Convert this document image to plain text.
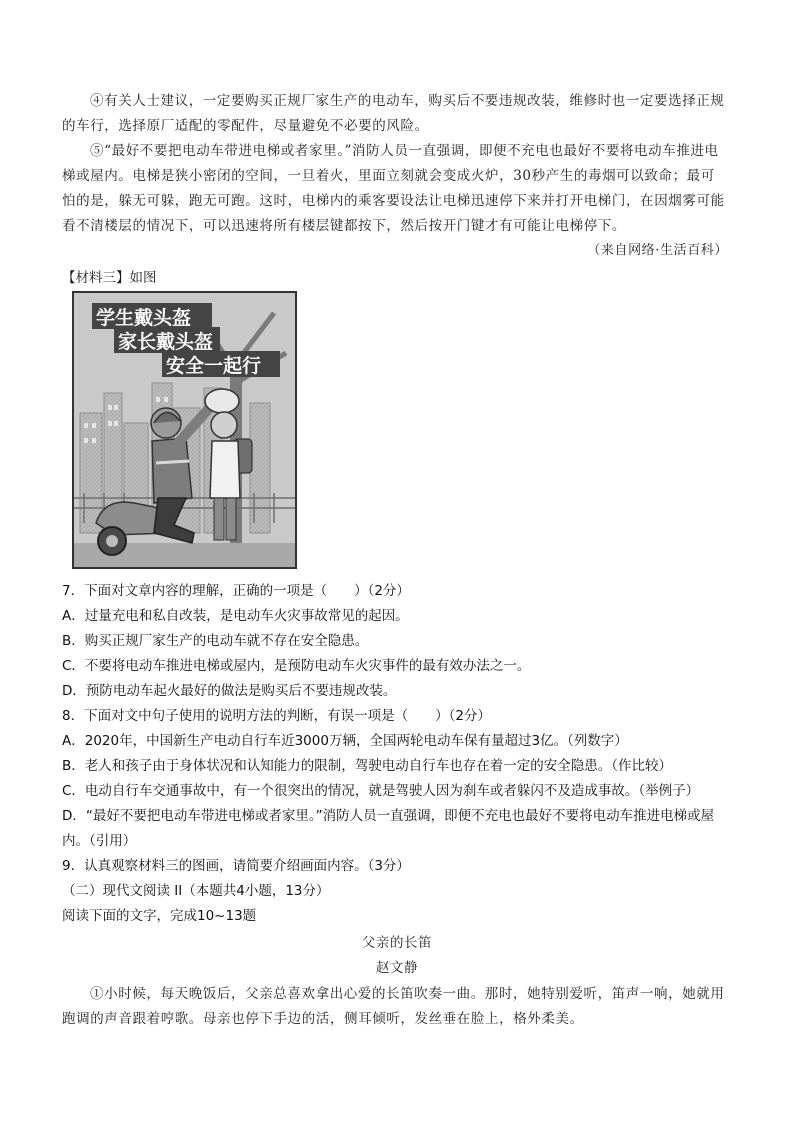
④有关人士建议，一定要购买正规厂家生产的电动车，购买后不要违规改装，维修时也一定要选择正规的车行，选择原厂适配的零配件，尽量避免不必要的风险。
⑤“最好不要把电动车带进电梯或者家里。”消防人员一直强调，即便不充电也最好不要将电动车推进电梯或屋内。电梯是狭小密闭的空间，一旦着火，里面立刻就会变成火炉，30秒产生的毒烟可以致命；最可怕的是，躲无可躲，跑无可跑。这时，电梯内的乘客要设法让电梯迅速停下来并打开电梯门，在因烟雾可能看不清楼层的情况下，可以迅速将所有楼层键都按下，然后按开门键才有可能让电梯停下。
（来自网络·生活百科）
【材料三】如图
学生戴头盔
家长戴头盔
安全一起行
7．下面对文章内容的理解，正确的一项是（　　）（2分）
A．过量充电和私自改装，是电动车火灾事故常见的起因。
B．购买正规厂家生产的电动车就不存在安全隐患。
C．不要将电动车推进电梯或屋内，是预防电动车火灾事件的最有效办法之一。
D．预防电动车起火最好的做法是购买后不要违规改装。
8．下面对文中句子使用的说明方法的判断，有误一项是（　　）（2分）
A．2020年，中国新生产电动自行车近3000万辆，全国两轮电动车保有量超过3亿。（列数字）
B．老人和孩子由于身体状况和认知能力的限制，驾驶电动自行车也存在着一定的安全隐患。（作比较）
C．电动自行车交通事故中，有一个很突出的情况，就是驾驶人因为刹车或者躲闪不及造成事故。（举例子）
D．“最好不要把电动车带进电梯或者家里。”消防人员一直强调，即便不充电也最好不要将电动车推进电梯或屋内。（引用）
9．认真观察材料三的图画，请简要介绍画面内容。（3分）
（二）现代文阅读 II（本题共4小题，13分）
阅读下面的文字，完成10~13题
父亲的长笛
赵文静
①小时候，每天晚饭后，父亲总喜欢拿出心爱的长笛吹奏一曲。那时，她特别爱听，笛声一响，她就用跑调的声音跟着哼歌。母亲也停下手边的活，侧耳倾听，发丝垂在脸上，格外柔美。
